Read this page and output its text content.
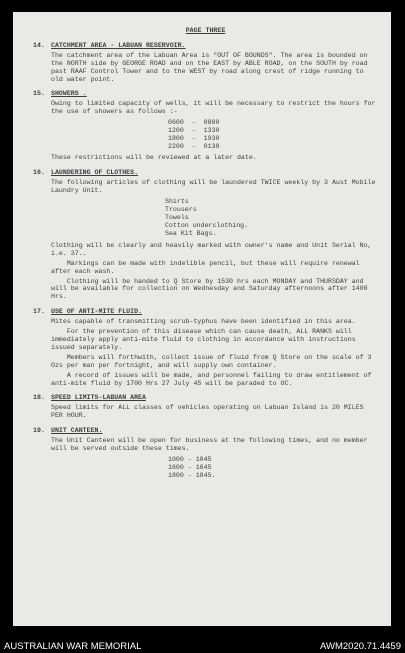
PAGE THREE
14. CATCHMENT AREA - LABUAN RESERVOIR.
The catchment area of the Labuan Area is "OUT OF BOUNDS". The area is bounded on the NORTH side by GEORGE ROAD and on the EAST by ABLE ROAD, on the SOUTH by road past RAAF Control Tower and to the WEST by road along crest of ridge running to old water point.
15. SHOWERS .
Owing to limited capacity of wells, it will be necessary to restrict the hours for the use of showers as follows :-
0600  -  0800
1200  -  1330
1800  -  1930
2200  -  0130
These restrictions will be reviewed at a later date.
16. LAUNDERING OF CLOTHES.
The following articles of clothing will be laundered TWICE weekly by 3 Aust Mobile Laundry Unit.
Shirts
Trousers
Towels
Cotton underclothing.
Sea Kit Bags.
Clothing will be clearly and heavily marked with owner's name and Unit Serial No, i.e. 37..
Markings can be made with indelible pencil, but these will require renewal after each wash.
Clothing will be handed to Q Store by 1530 hrs each MONDAY and THURSDAY and will be available for collection on Wednesday and Saturday afternoons after 1400 Hrs.
17. USE OF ANTI-MITE FLUID.
Mites capable of transmitting scrub-typhus have been identified in this area.
For the prevention of this disease which can cause death, ALL RANKS will immediately apply anti-mite fluid to clothing in accordance with instructions issued separately.
Members will forthwith, collect issue of fluid from Q Store on the scale of 3 Ozs per man per fortnight, and will supply own container.
A record of issues will be made, and personnel failing to draw entitlement of anti-mite fluid by 1700 Hrs 27 July 45 will be paraded to OC.
18. SPEED LIMITS-LABUAN AREA
Speed limits for ALL classes of vehicles operating on Labuan Island is 20 MILES PER HOUR.
19. UNIT CANTEEN.
The Unit Canteen will be open for business at the following times, and no member will be served outside these times.
1000 - 1045
1600 - 1645
1800 - 1845.
AUSTRALIAN WAR MEMORIAL	AWM2020.71.4459
